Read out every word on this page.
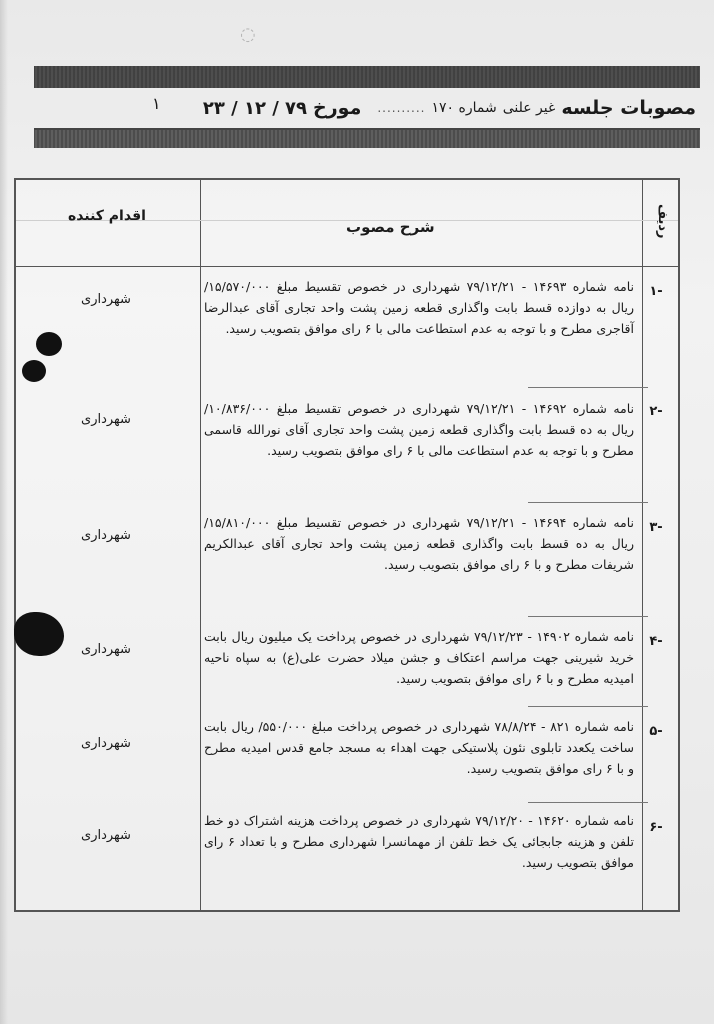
◌
مصوبات جلسه
غیر علنی
شماره ۱۷۰
..........
مورخ
۷۹ / ۱۲ / ۲۳
۱
ردیف
شرح مصوب
اقدام کننده
-۱
نامه شماره ۱۴۶۹۳ - ۷۹/۱۲/۲۱ شهرداری در خصوص تقسیط مبلغ ۱۵/۵۷۰/۰۰۰/ ریال به دوازده قسط بابت واگذاری قطعه زمین پشت واحد تجاری آقای عبدالرضا آقاجری مطرح و با توجه به عدم استطاعت مالی با ۶ رای موافق بتصویب رسید.
شهرداری
-۲
نامه شماره ۱۴۶۹۲ - ۷۹/۱۲/۲۱ شهرداری در خصوص تقسیط مبلغ ۱۰/۸۳۶/۰۰۰/ ریال به ده قسط بابت واگذاری قطعه زمین پشت واحد تجاری آقای نورالله قاسمی مطرح و با توجه به عدم استطاعت مالی با ۶ رای موافق بتصویب رسید.
شهرداری
-۳
نامه شماره ۱۴۶۹۴ - ۷۹/۱۲/۲۱ شهرداری در خصوص تقسیط مبلغ ۱۵/۸۱۰/۰۰۰/ ریال به ده قسط بابت واگذاری قطعه زمین پشت واحد تجاری آقای عبدالکریم شریفات مطرح و با ۶ رای موافق بتصویب رسید.
شهرداری
-۴
نامه شماره ۱۴۹۰۲ - ۷۹/۱۲/۲۳ شهرداری در خصوص پرداخت یک میلیون ریال بابت خرید شیرینی جهت مراسم اعتکاف و جشن میلاد حضرت علی(ع) به سپاه ناحیه امیدیه مطرح و با ۶ رای موافق بتصویب رسید.
شهرداری
-۵
نامه شماره ۸۲۱ - ۷۸/۸/۲۴ شهرداری در خصوص پرداخت مبلغ ۵۵۰/۰۰۰/ ریال بابت ساخت یکعدد تابلوی نئون پلاستیکی جهت اهداء به مسجد جامع قدس امیدیه مطرح و با ۶ رای موافق بتصویب رسید.
شهرداری
-۶
نامه شماره ۱۴۶۲۰ - ۷۹/۱۲/۲۰ شهرداری در خصوص پرداخت هزینه اشتراک دو خط تلفن و هزینه جابجائی یک خط تلفن از مهمانسرا شهرداری مطرح و با تعداد ۶ رای موافق بتصویب رسید.
شهرداری
